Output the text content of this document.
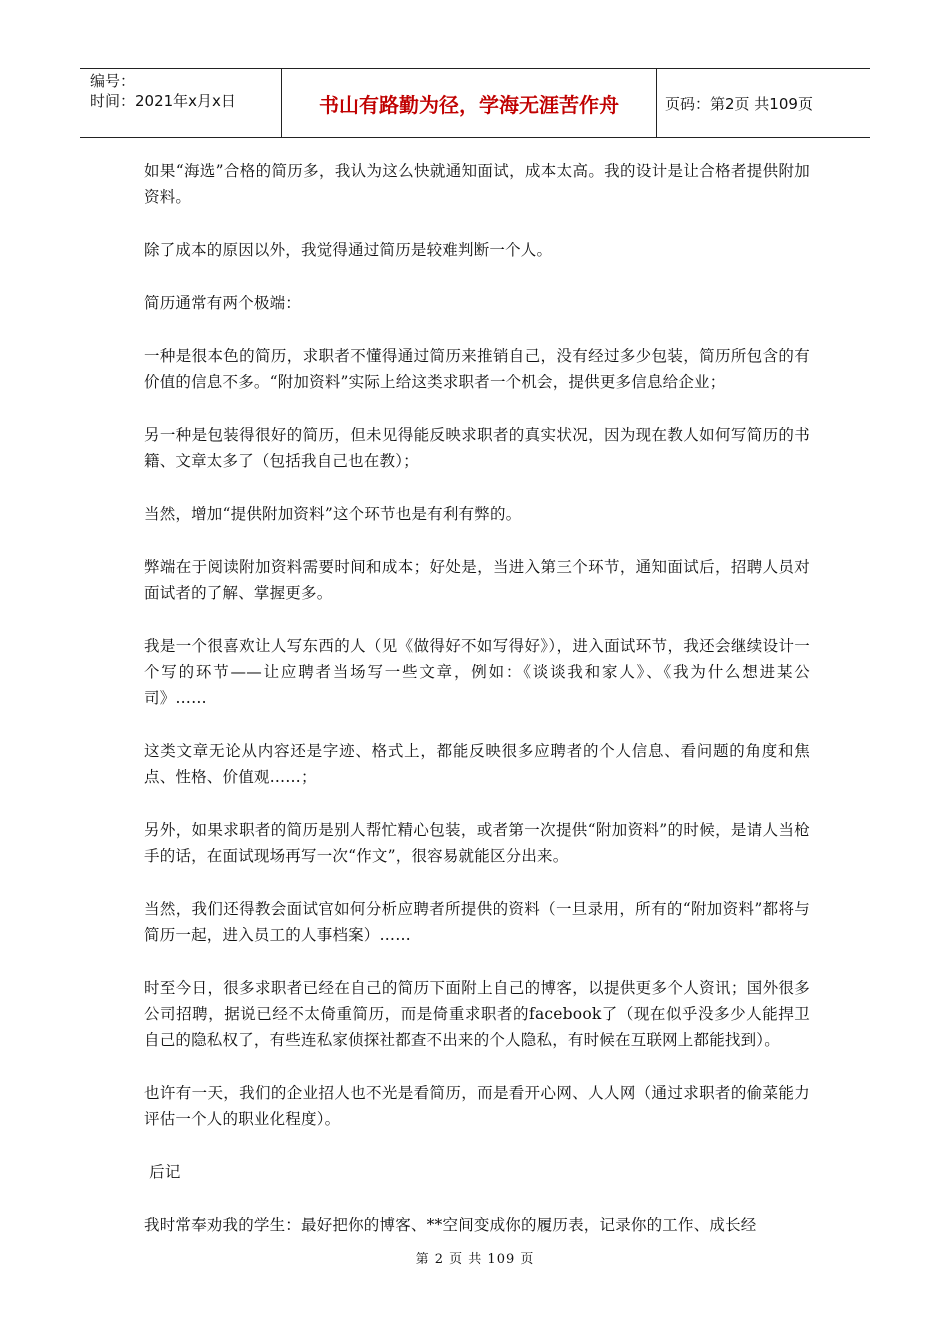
编号：
时间：2021年x月x日	书山有路勤为径，学海无涯苦作舟	页码：第2页 共109页

如果“海选”合格的简历多，我认为这么快就通知面试，成本太高。我的设计是让合格者提供附加资料。

除了成本的原因以外，我觉得通过简历是较难判断一个人。

简历通常有两个极端：

一种是很本色的简历，求职者不懂得通过简历来推销自己，没有经过多少包装，简历所包含的有价值的信息不多。“附加资料”实际上给这类求职者一个机会，提供更多信息给企业；

另一种是包装得很好的简历，但未见得能反映求职者的真实状况，因为现在教人如何写简历的书籍、文章太多了（包括我自己也在教）；

当然，增加“提供附加资料”这个环节也是有利有弊的。

弊端在于阅读附加资料需要时间和成本；好处是，当进入第三个环节，通知面试后，招聘人员对面试者的了解、掌握更多。

我是一个很喜欢让人写东西的人（见《做得好不如写得好》），进入面试环节，我还会继续设计一个写的环节——让应聘者当场写一些文章，例如：《谈谈我和家人》、《我为什么想进某公司》……

这类文章无论从内容还是字迹、格式上，都能反映很多应聘者的个人信息、看问题的角度和焦点、性格、价值观……；

另外，如果求职者的简历是别人帮忙精心包装，或者第一次提供“附加资料”的时候，是请人当枪手的话，在面试现场再写一次“作文”，很容易就能区分出来。

当然，我们还得教会面试官如何分析应聘者所提供的资料（一旦录用，所有的“附加资料”都将与简历一起，进入员工的人事档案）……

时至今日，很多求职者已经在自己的简历下面附上自己的博客，以提供更多个人资讯；国外很多公司招聘，据说已经不太倚重简历，而是倚重求职者的facebook了（现在似乎没多少人能捍卫自己的隐私权了，有些连私家侦探社都查不出来的个人隐私，有时候在互联网上都能找到）。

也许有一天，我们的企业招人也不光是看简历，而是看开心网、人人网（通过求职者的偷菜能力评估一个人的职业化程度）。

后记

我时常奉劝我的学生：最好把你的博客、**空间变成你的履历表，记录你的工作、成长经

第 2 页 共 109 页
